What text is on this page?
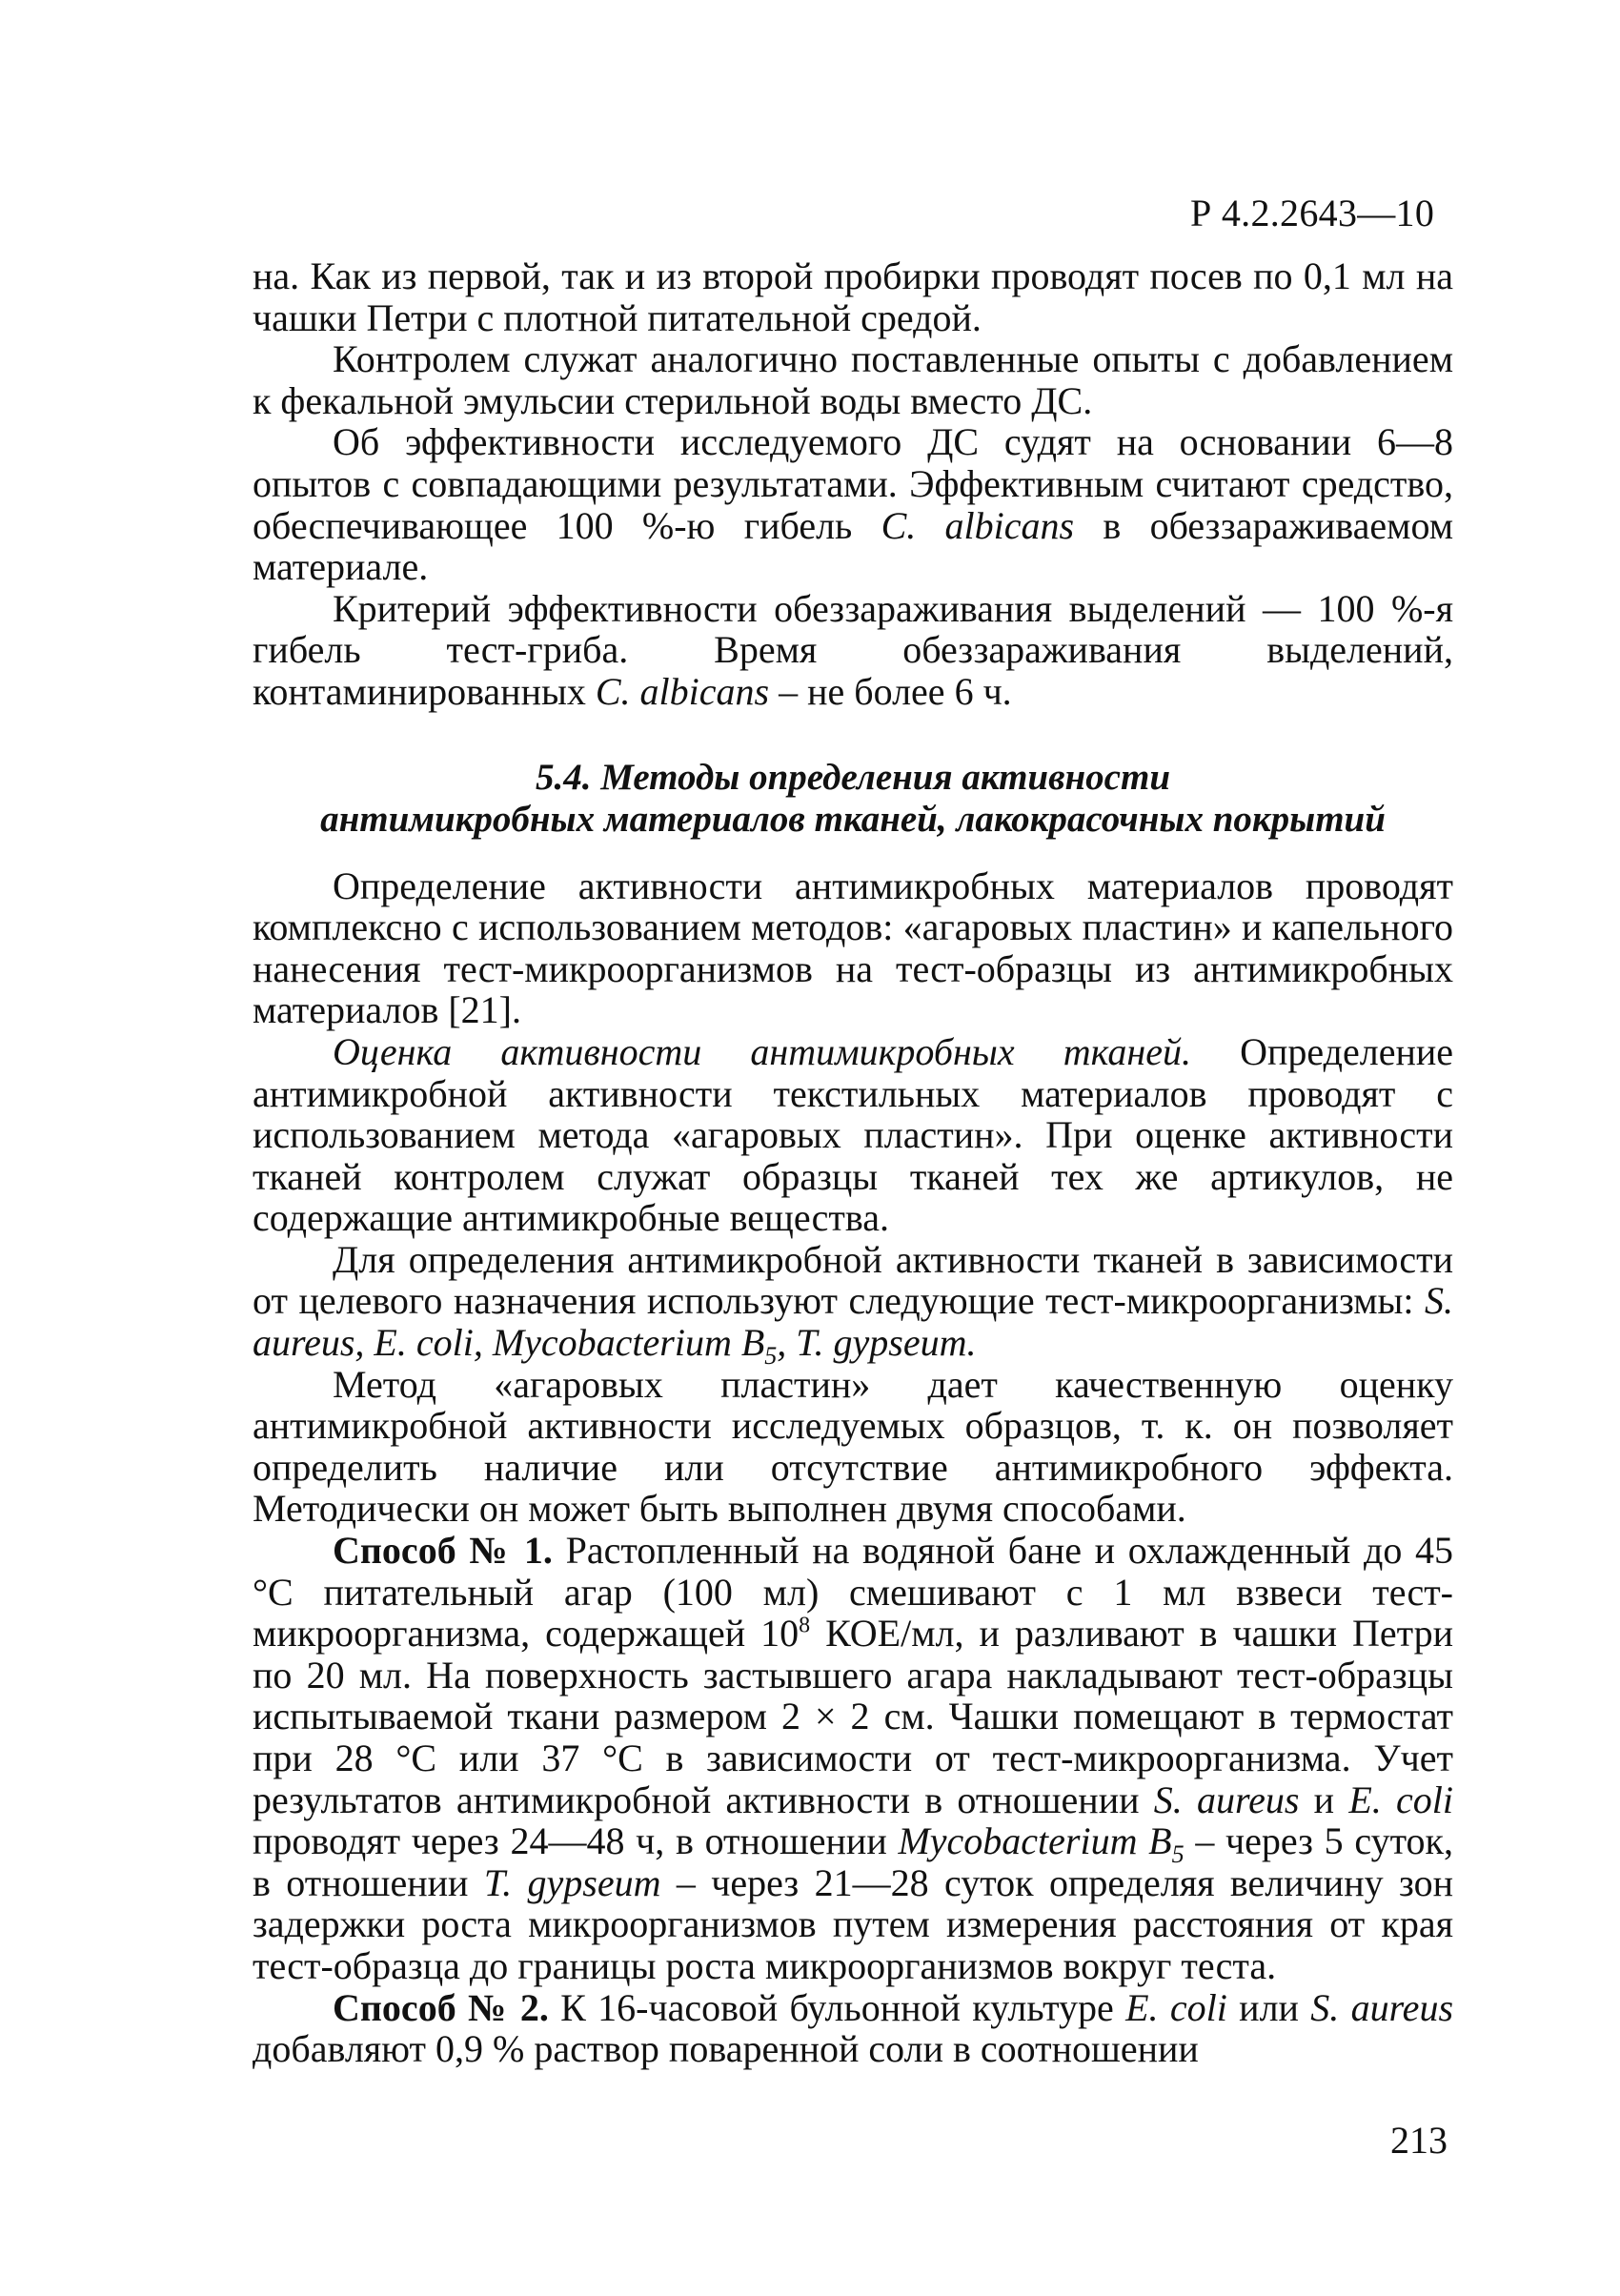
Р 4.2.2643—10

на. Как из первой, так и из второй пробирки проводят посев по 0,1 мл на чашки Петри с плотной питательной средой.

Контролем служат аналогично поставленные опыты с добавлением к фекальной эмульсии стерильной воды вместо ДС.

Об эффективности исследуемого ДС судят на основании 6—8 опытов с совпадающими результатами. Эффективным считают средство, обеспечивающее 100 %-ю гибель C. albicans в обеззараживаемом материале.

Критерий эффективности обеззараживания выделений — 100 %-я гибель тест-гриба. Время обеззараживания выделений, контаминированных C. albicans – не более 6 ч.

5.4. Методы определения активности
антимикробных материалов тканей, лакокрасочных покрытий

Определение активности антимикробных материалов проводят комплексно с использованием методов: «агаровых пластин» и капельного нанесения тест-микроорганизмов на тест-образцы из антимикробных материалов [21].

Оценка активности антимикробных тканей. Определение антимикробной активности текстильных материалов проводят с использованием метода «агаровых пластин». При оценке активности тканей контролем служат образцы тканей тех же артикулов, не содержащие антимикробные вещества.

Для определения антимикробной активности тканей в зависимости от целевого назначения используют следующие тест-микроорганизмы: S. aureus, E. coli, Mycobacterium $B_5$, T. gypseum.

Метод «агаровых пластин» дает качественную оценку антимикробной активности исследуемых образцов, т. к. он позволяет определить наличие или отсутствие антимикробного эффекта. Методически он может быть выполнен двумя способами.

Способ № 1. Растопленный на водяной бане и охлажденный до 45 °С питательный агар (100 мл) смешивают с 1 мл взвеси тест-микроорганизма, содержащей $10^8$ КОЕ/мл, и разливают в чашки Петри по 20 мл. На поверхность застывшего агара накладывают тест-образцы испытываемой ткани размером 2 × 2 см. Чашки помещают в термостат при 28 °С или 37 °С в зависимости от тест-микроорганизма. Учет результатов антимикробной активности в отношении S. aureus и E. coli проводят через 24—48 ч, в отношении Mycobacterium $B_5$ – через 5 суток, в отношении T. gypseum – через 21—28 суток определяя величину зон задержки роста микроорганизмов путем измерения расстояния от края тест-образца до границы роста микроорганизмов вокруг теста.

Способ № 2. К 16-часовой бульонной культуре E. coli или S. aureus добавляют 0,9 % раствор поваренной соли в соотношении

213
